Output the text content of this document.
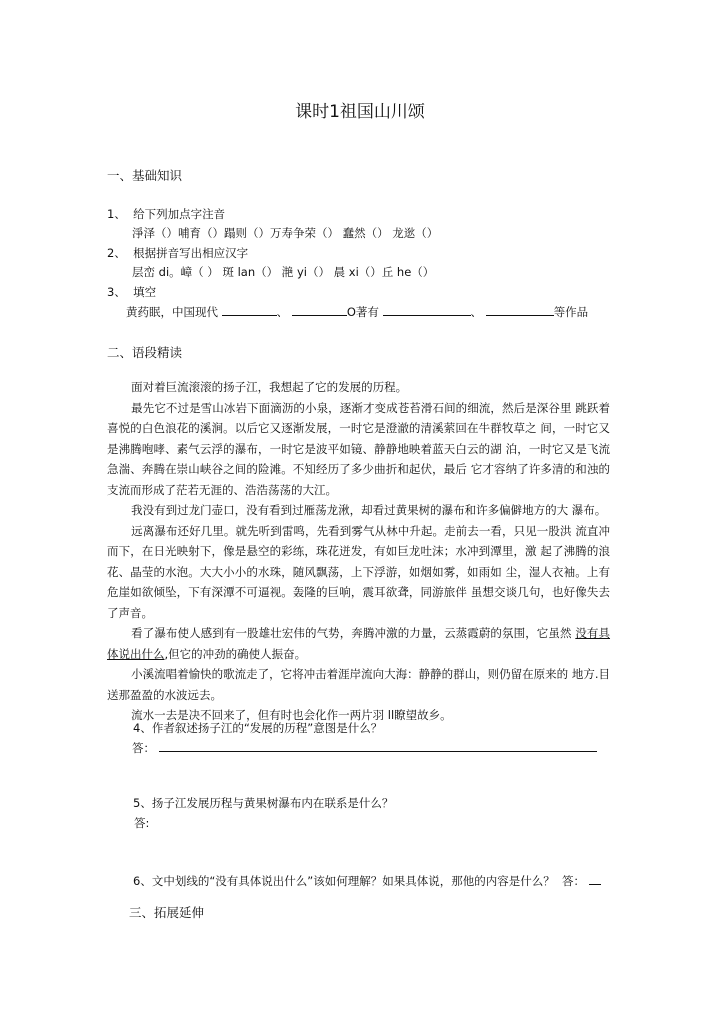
课时1祖国山川颂
一、基础知识
1、 给下列加点字注音
淨泽（）哺育（）蹋则（）万寿争荣（） 蠢然（） 龙逖（）
2、 根据拼音写出相应汉字
层峦 di。嶂（ ） 斑 lan（） 滟 yi（） 晨 xi（）丘 he（）
3、 填空
黄药眠，中国现代	、	O著有	、	等作品
二、语段精读

面对着巨流滚滚的扬子江，我想起了它的发展的历程。

最先它不过是雪山冰岩下面滴沥的小泉，逐渐才变成苍苔滑石间的细流，然后是深谷里 跳跃着喜悦的白色浪花的溪涧。以后它又逐渐发展，一时它是澄澈的清溪萦回在牛群牧草之 间，一时它又是沸腾咆哮、素气云浮的瀑布，一时它是波平如镜、静静地映着蓝天白云的湖 泊，一时它又是飞流急湍、奔腾在崇山峡谷之间的险滩。不知经历了多少曲折和起伏，最后 它才容纳了许多清的和浊的支流而形成了茫若无涯的、浩浩荡荡的大江。

我没有到过龙门壶口，没有看到过雁荡龙湫，却看过黄果树的瀑布和许多偏僻地方的大 瀑布。

远离瀑布还好几里。就先听到雷鸣，先看到雾气从林中升起。走前去一看，只见一股洪 流直冲而下，在日光映射下，像是悬空的彩练，珠花迸发，有如巨龙吐沫；水冲到潭里，激 起了沸腾的浪花、晶莹的水泡。大大小小的水珠，随风飘荡，上下浮游，如烟如雾，如雨如 尘，湿人衣袖。上有危崖如欲倾坠，下有深潭不可逼视。轰隆的巨响，震耳欲聋，同游旅伴 虽想交谈几句，也好像失去了声音。

看了瀑布使人感到有一股雄壮宏伟的气势，奔腾冲激的力量，云蒸霞蔚的氛围，它虽然 没有具体说出什么,但它的冲劲的确使人振奋。

小溪流唱着愉快的歌流走了，它将冲击着涯岸流向大海：静静的群山，则仍留在原来的 地方.目送那盈盈的水波远去。

流水一去是决不回来了，但有时也会化作一两片羽 ll瞭望故乡。

4、作者叙述扬子江的“发展的历程”意图是什么？
答：
5、扬子江发展历程与黄果树瀑布内在联系是什么？
答:
6、文中划线的“没有具体说出什么”该如何理解？如果具体说，那他的内容是什么？ 答：
三、拓展延伸
